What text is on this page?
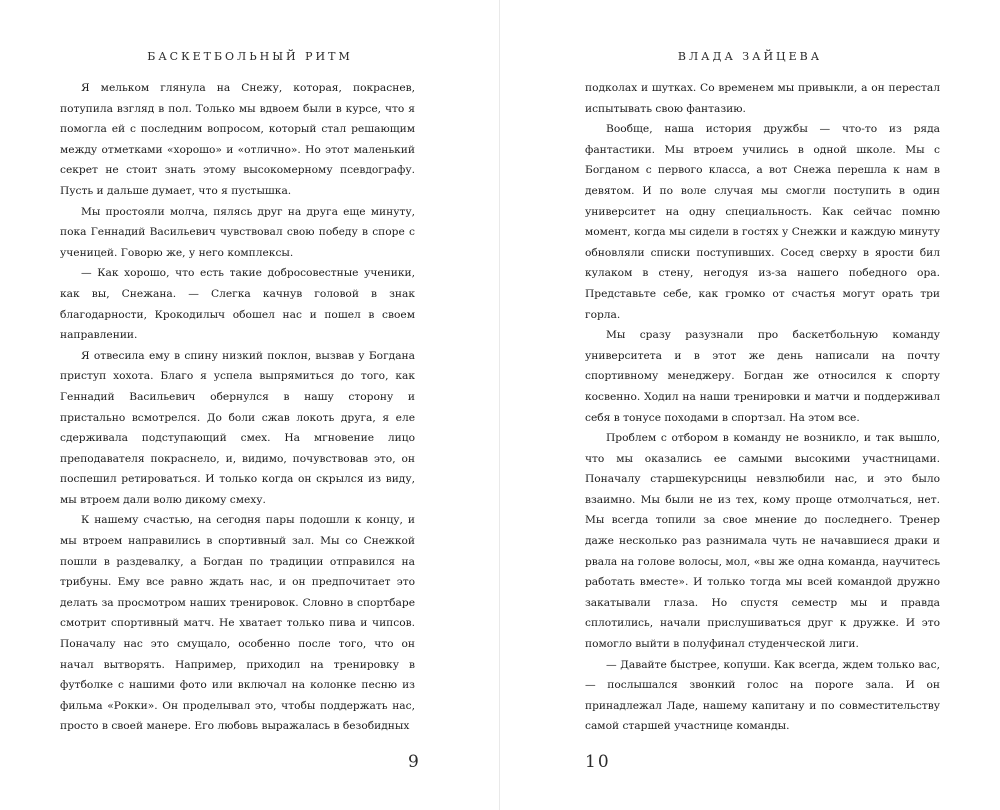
БАСКЕТБОЛЬНЫЙ РИТМ

Я мельком глянула на Снежу, которая, покраснев, потупила взгляд в пол. Только мы вдвоем были в курсе, что я помогла ей с последним вопросом, который стал решающим между отметками «хорошо» и «отлично». Но этот маленький секрет не стоит знать этому высокомерному псевдографу. Пусть и дальше думает, что я пустышка.

Мы простояли молча, пялясь друг на друга еще минуту, пока Геннадий Васильевич чувствовал свою победу в споре с ученицей. Говорю же, у него комплексы.

— Как хорошо, что есть такие добросовестные ученики, как вы, Снежана. — Слегка качнув головой в знак благодарности, Крокодилыч обошел нас и пошел в своем направлении.

Я отвесила ему в спину низкий поклон, вызвав у Богдана приступ хохота. Благо я успела выпрямиться до того, как Геннадий Васильевич обернулся в нашу сторону и пристально всмотрелся. До боли сжав локоть друга, я еле сдерживала подступающий смех. На мгновение лицо преподавателя покраснело, и, видимо, почувствовав это, он поспешил ретироваться. И только когда он скрылся из виду, мы втроем дали волю дикому смеху.

К нашему счастью, на сегодня пары подошли к концу, и мы втроем направились в спортивный зал. Мы со Снежкой пошли в раздевалку, а Богдан по традиции отправился на трибуны. Ему все равно ждать нас, и он предпочитает это делать за просмотром наших тренировок. Словно в спортбаре смотрит спортивный матч. Не хватает только пива и чипсов. Поначалу нас это смущало, особенно после того, что он начал вытворять. Например, приходил на тренировку в футболке с нашими фото или включал на колонке песню из фильма «Рокки». Он проделывал это, чтобы поддержать нас, просто в своей манере. Его любовь выражалась в безобидных

9
ВЛАДА ЗАЙЦЕВА

подколах и шутках. Со временем мы привыкли, а он перестал испытывать свою фантазию.

Вообще, наша история дружбы — что-то из ряда фантастики. Мы втроем учились в одной школе. Мы с Богданом с первого класса, а вот Снежа перешла к нам в девятом. И по воле случая мы смогли поступить в один университет на одну специальность. Как сейчас помню момент, когда мы сидели в гостях у Снежки и каждую минуту обновляли списки поступивших. Сосед сверху в ярости бил кулаком в стену, негодуя из-за нашего победного ора. Представьте себе, как громко от счастья могут орать три горла.

Мы сразу разузнали про баскетбольную команду университета и в этот же день написали на почту спортивному менеджеру. Богдан же относился к спорту косвенно. Ходил на наши тренировки и матчи и поддерживал себя в тонусе походами в спортзал. На этом все.

Проблем с отбором в команду не возникло, и так вышло, что мы оказались ее самыми высокими участницами. Поначалу старшекурсницы невзлюбили нас, и это было взаимно. Мы были не из тех, кому проще отмолчаться, нет. Мы всегда топили за свое мнение до последнего. Тренер даже несколько раз разнимала чуть не начавшиеся драки и рвала на голове волосы, мол, «вы же одна команда, научитесь работать вместе». И только тогда мы всей командой дружно закатывали глаза. Но спустя семестр мы и правда сплотились, начали прислушиваться друг к дружке. И это помогло выйти в полуфинал студенческой лиги.

— Давайте быстрее, копуши. Как всегда, ждем только вас, — послышался звонкий голос на пороге зала. И он принадлежал Ладе, нашему капитану и по совместительству самой старшей участнице команды.

10
